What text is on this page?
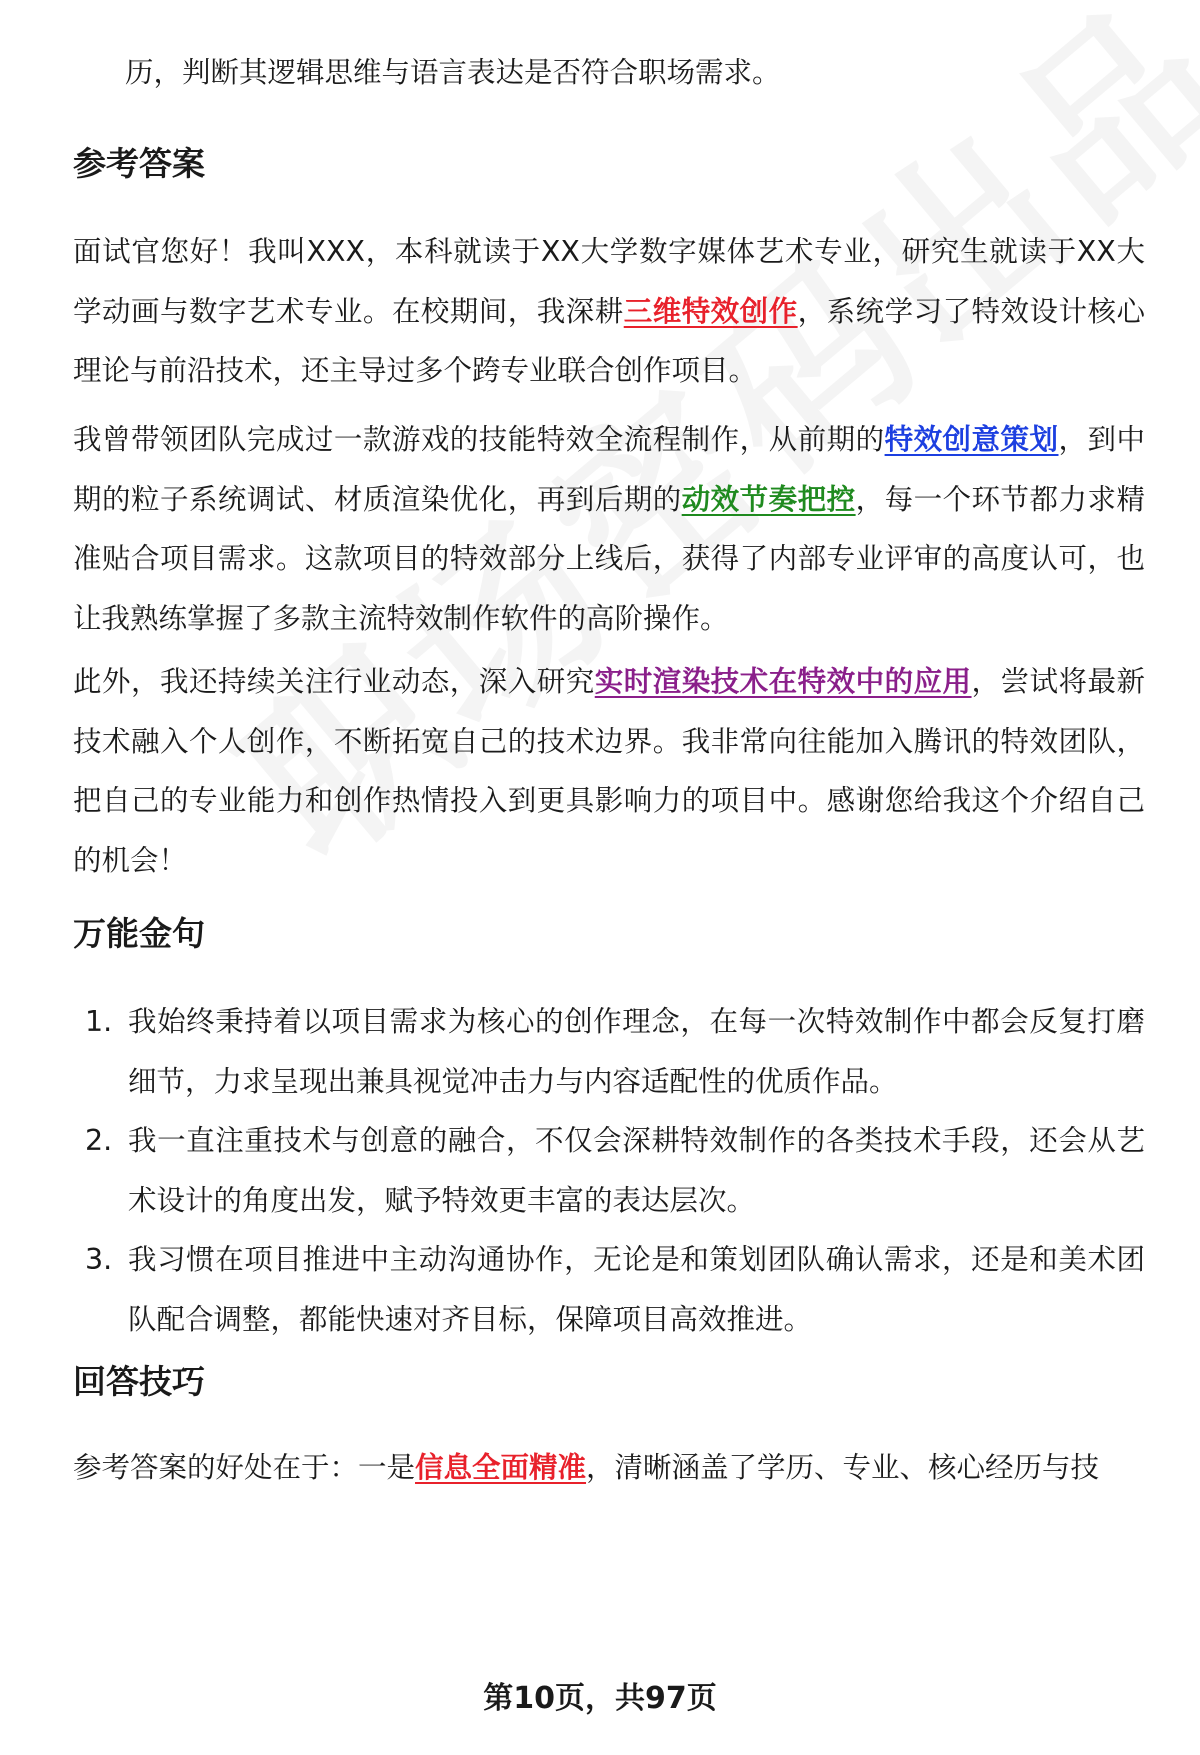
历，判断其逻辑思维与语言表达是否符合职场需求。

参考答案

面试官您好！我叫XXX，本科就读于XX大学数字媒体艺术专业，研究生就读于XX大学动画与数字艺术专业。在校期间，我深耕三维特效创作，系统学习了特效设计核心理论与前沿技术，还主导过多个跨专业联合创作项目。

我曾带领团队完成过一款游戏的技能特效全流程制作，从前期的特效创意策划，到中期的粒子系统调试、材质渲染优化，再到后期的动效节奏把控，每一个环节都力求精准贴合项目需求。这款项目的特效部分上线后，获得了内部专业评审的高度认可，也让我熟练掌握了多款主流特效制作软件的高阶操作。

此外，我还持续关注行业动态，深入研究实时渲染技术在特效中的应用，尝试将最新技术融入个人创作，不断拓宽自己的技术边界。我非常向往能加入腾讯的特效团队，把自己的专业能力和创作热情投入到更具影响力的项目中。感谢您给我这个介绍自己的机会！

万能金句
1. 我始终秉持着以项目需求为核心的创作理念，在每一次特效制作中都会反复打磨细节，力求呈现出兼具视觉冲击力与内容适配性的优质作品。
2. 我一直注重技术与创意的融合，不仅会深耕特效制作的各类技术手段，还会从艺术设计的角度出发，赋予特效更丰富的表达层次。
3. 我习惯在项目推进中主动沟通协作，无论是和策划团队确认需求，还是和美术团队配合调整，都能快速对齐目标，保障项目高效推进。
回答技巧

参考答案的好处在于：一是信息全面精准，清晰涵盖了学历、专业、核心经历与技

第10页，共97页
